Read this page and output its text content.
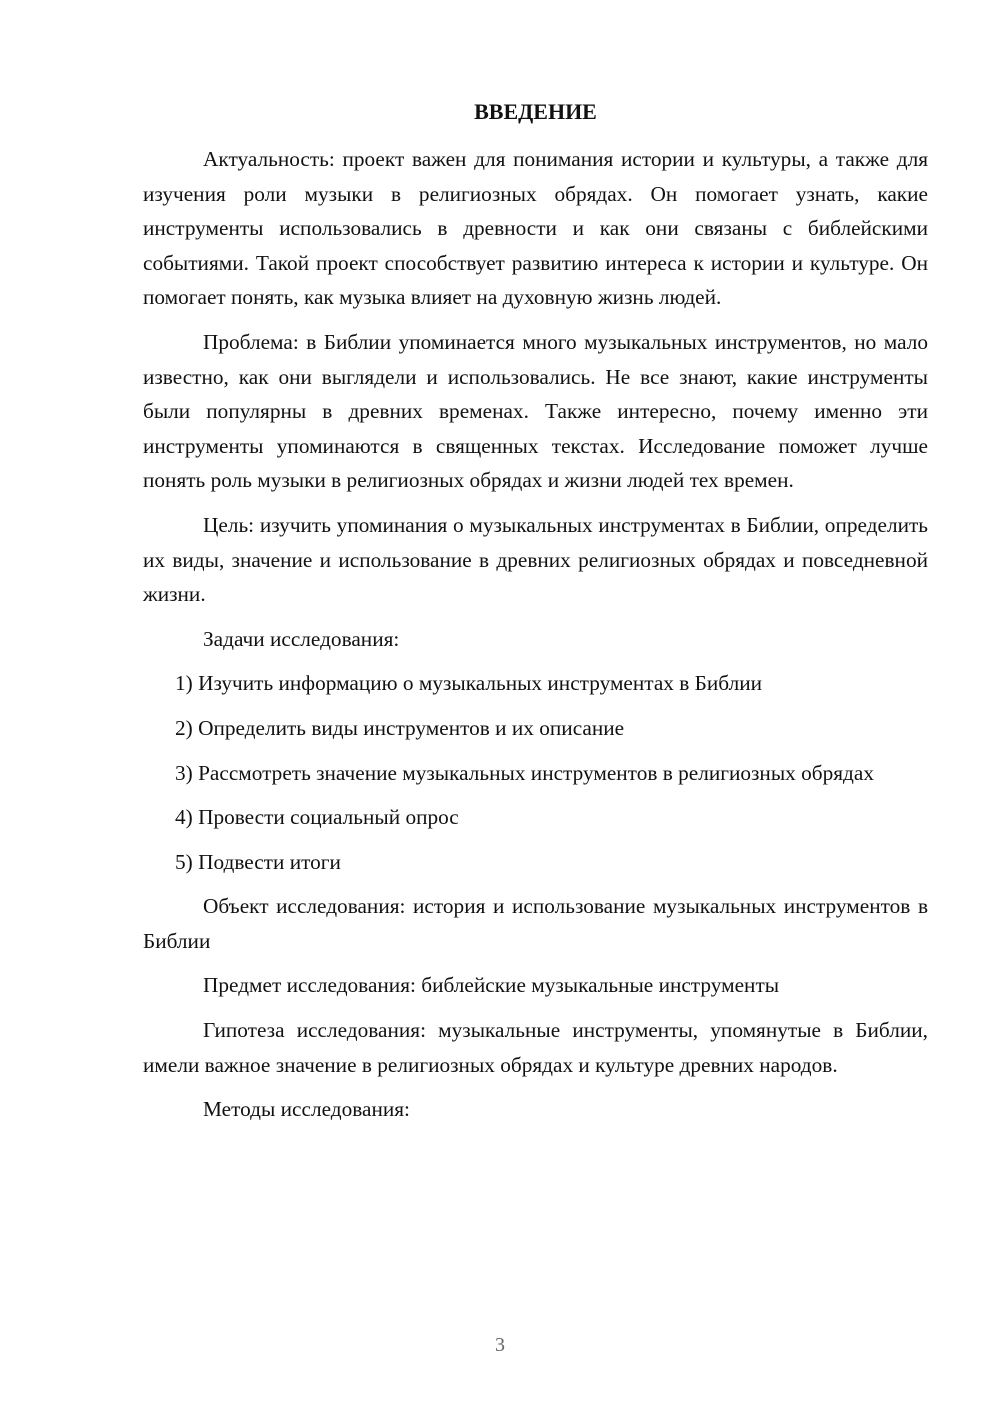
ВВЕДЕНИЕ

Актуальность: проект важен для понимания истории и культуры, а также для изучения роли музыки в религиозных обрядах. Он помогает узнать, какие инструменты использовались в древности и как они связаны с библейскими событиями. Такой проект способствует развитию интереса к истории и культуре. Он помогает понять, как музыка влияет на духовную жизнь людей.

Проблема: в Библии упоминается много музыкальных инструментов, но мало известно, как они выглядели и использовались. Не все знают, какие инструменты были популярны в древних временах. Также интересно, почему именно эти инструменты упоминаются в священных текстах. Исследование поможет лучше понять роль музыки в религиозных обрядах и жизни людей тех времен.

Цель: изучить упоминания о музыкальных инструментах в Библии, определить их виды, значение и использование в древних религиозных обрядах и повседневной жизни.

Задачи исследования:

1) Изучить информацию о музыкальных инструментах в Библии

2) Определить виды инструментов и их описание

3) Рассмотреть значение музыкальных инструментов в религиозных обрядах

4) Провести социальный опрос

5) Подвести итоги

Объект исследования: история и использование музыкальных инструментов в Библии

Предмет исследования: библейские музыкальные инструменты

Гипотеза исследования: музыкальные инструменты, упомянутые в Библии, имели важное значение в религиозных обрядах и культуре древних народов.

Методы исследования:

3
